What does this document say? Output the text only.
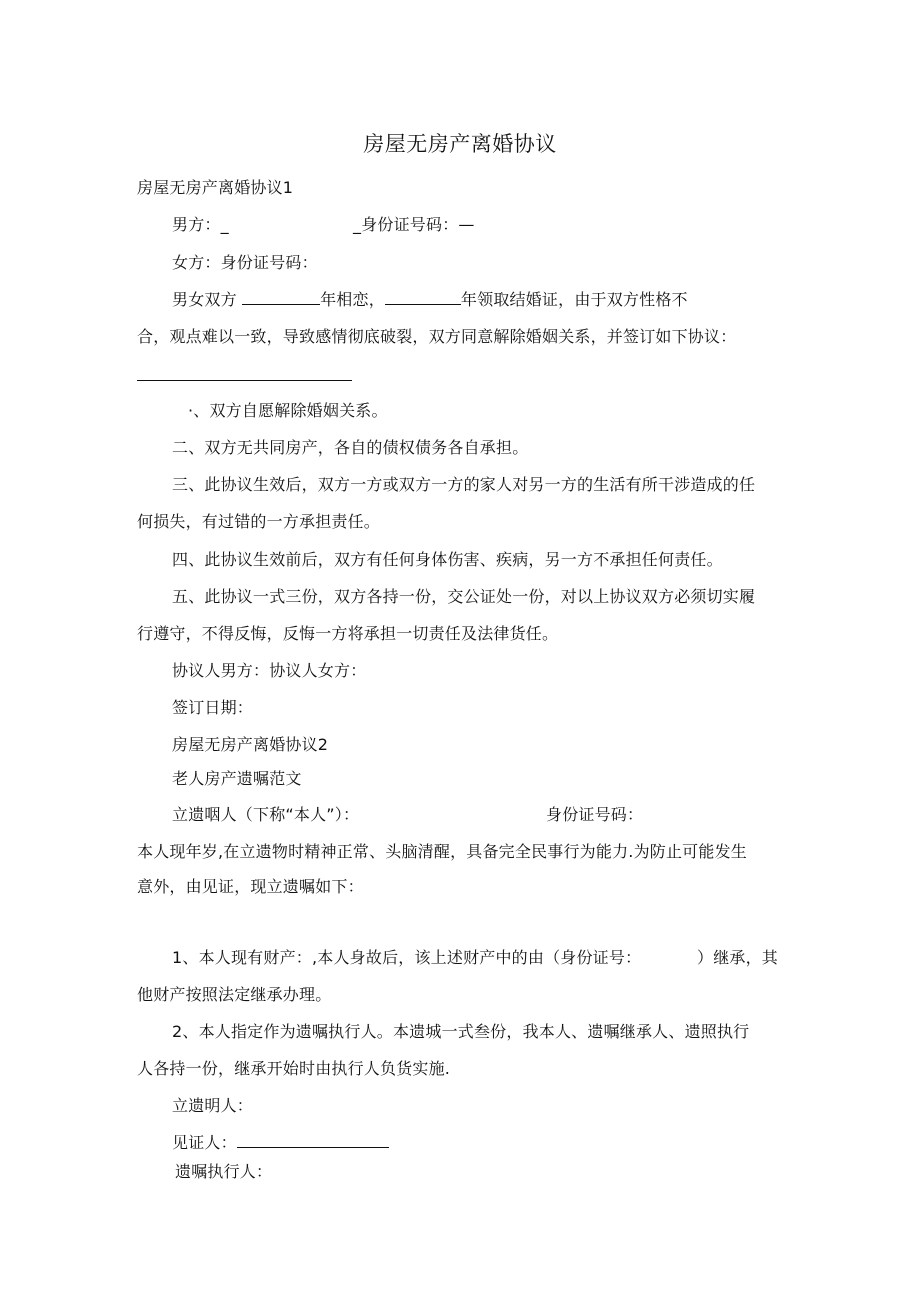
房屋无房产离婚协议
房屋无房产离婚协议1
男方：_	_身份证号码：—
女方：身份证号码：
男女双方	年相恋，	年领取结婚证，由于双方性格不
合，观点难以一致，导致感情彻底破裂，双方同意解除婚姻关系，并签订如下协议：
·、双方自愿解除婚姻关系。
二、双方无共同房产，各自的债权债务各自承担。
三、此协议生效后，双方一方或双方一方的家人对另一方的生活有所干涉造成的任
何损失，有过错的一方承担责任。
四、此协议生效前后，双方有任何身体伤害、疾病，另一方不承担任何责任。
五、此协议一式三份，双方各持一份，交公证处一份，对以上协议双方必须切实履
行遵守，不得反悔，反悔一方将承担一切责任及法律货任。
协议人男方：协议人女方：
签订日期：
房屋无房产离婚协议2
老人房产遗嘱范文
立遗咽人（下称“本人”）：	身份证号码：
本人现年岁,在立遗物时精神正常、头脑清醒，具备完全民事行为能力.为防止可能发生
意外，由见证，现立遗嘱如下：
1、本人现有财产：,本人身故后，该上述财产中的由（身份证号：	）继承，其
他财产按照法定继承办理。
2、本人指定作为遗嘱执行人。本遗城一式叁份，我本人、遗嘱继承人、遗照执行
人各持一份，继承开始时由执行人负货实施.
立遗明人：
见证人：
遗嘱执行人：
